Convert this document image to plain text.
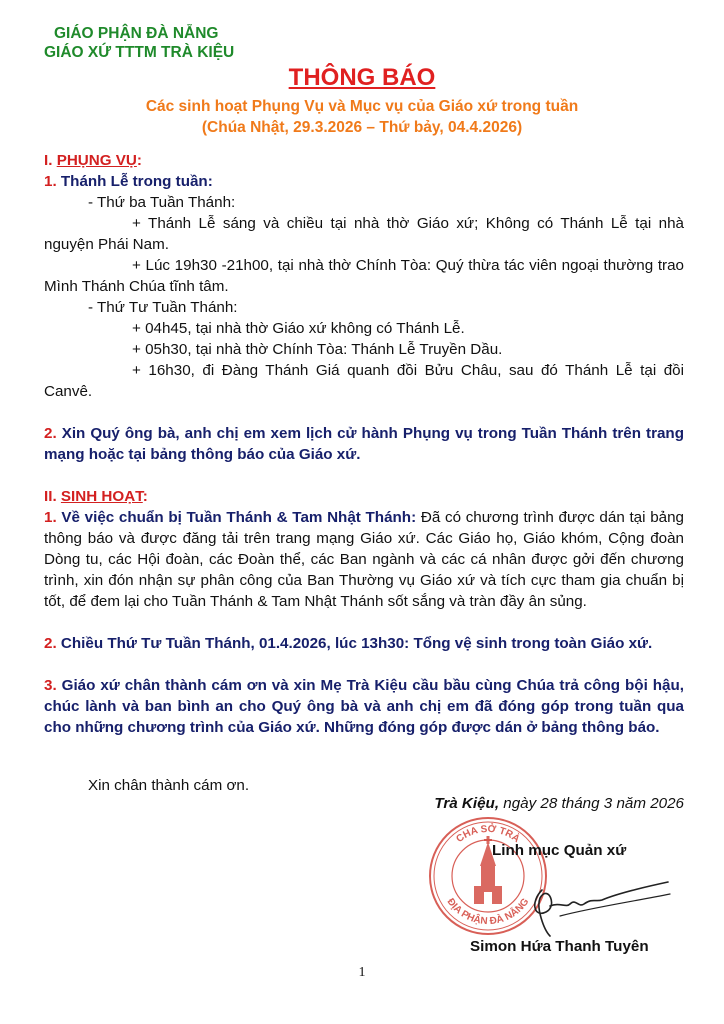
GIÁO PHẬN ĐÀ NẴNG
GIÁO XỨ TTTM TRÀ KIỆU
THÔNG BÁO
Các sinh hoạt Phụng Vụ và Mục vụ của Giáo xứ trong tuần
(Chúa Nhật, 29.3.2026 – Thứ bảy, 04.4.2026)
I. PHỤNG VỤ:
1. Thánh Lễ trong tuần:

- Thứ ba Tuần Thánh:

+ Thánh Lễ sáng và chiều tại nhà thờ Giáo xứ; Không có Thánh Lễ tại nhà nguyện Phái Nam.

+ Lúc 19h30 -21h00, tại nhà thờ Chính Tòa: Quý thừa tác viên ngoại thường trao Mình Thánh Chúa tĩnh tâm.

- Thứ Tư Tuần Thánh:

+ 04h45, tại nhà thờ Giáo xứ không có Thánh Lễ.

+ 05h30, tại nhà thờ Chính Tòa: Thánh Lễ Truyền Dầu.

+ 16h30, đi Đàng Thánh Giá quanh đồi Bửu Châu, sau đó Thánh Lễ tại đồi Canvê.

2. Xin Quý ông bà, anh chị em xem lịch cử hành Phụng vụ trong Tuần Thánh trên trang mạng hoặc tại bảng thông báo của Giáo xứ.

II. SINH HOẠT:

1. Về việc chuẩn bị Tuần Thánh & Tam Nhật Thánh: Đã có chương trình được dán tại bảng thông báo và được đăng tải trên trang mạng Giáo xứ. Các Giáo họ, Giáo khóm, Cộng đoàn Dòng tu, các Hội đoàn, các Đoàn thể, các Ban ngành và các cá nhân được gởi đến chương trình, xin đón nhận sự phân công của Ban Thường vụ Giáo xứ và tích cực tham gia chuẩn bị tốt, để đem lại cho Tuần Thánh & Tam Nhật Thánh sốt sắng và tràn đầy ân sủng.

2. Chiều Thứ Tư Tuần Thánh, 01.4.2026, lúc 13h30: Tổng vệ sinh trong toàn Giáo xứ.

3. Giáo xứ chân thành cám ơn và xin Mẹ Trà Kiệu cầu bầu cùng Chúa trả công bội hậu, chúc lành và ban bình an cho Quý ông bà và anh chị em đã đóng góp trong tuần qua cho những chương trình của Giáo xứ. Những đóng góp được dán ở bảng thông báo.

Xin chân thành cám ơn.
Trà Kiệu, ngày 28 tháng 3 năm 2026
CHA SỞ TRÀ
ĐỊA PHẬN ĐÀ NẴNG
Linh mục Quản xứ
Simon Hứa Thanh Tuyên
1
